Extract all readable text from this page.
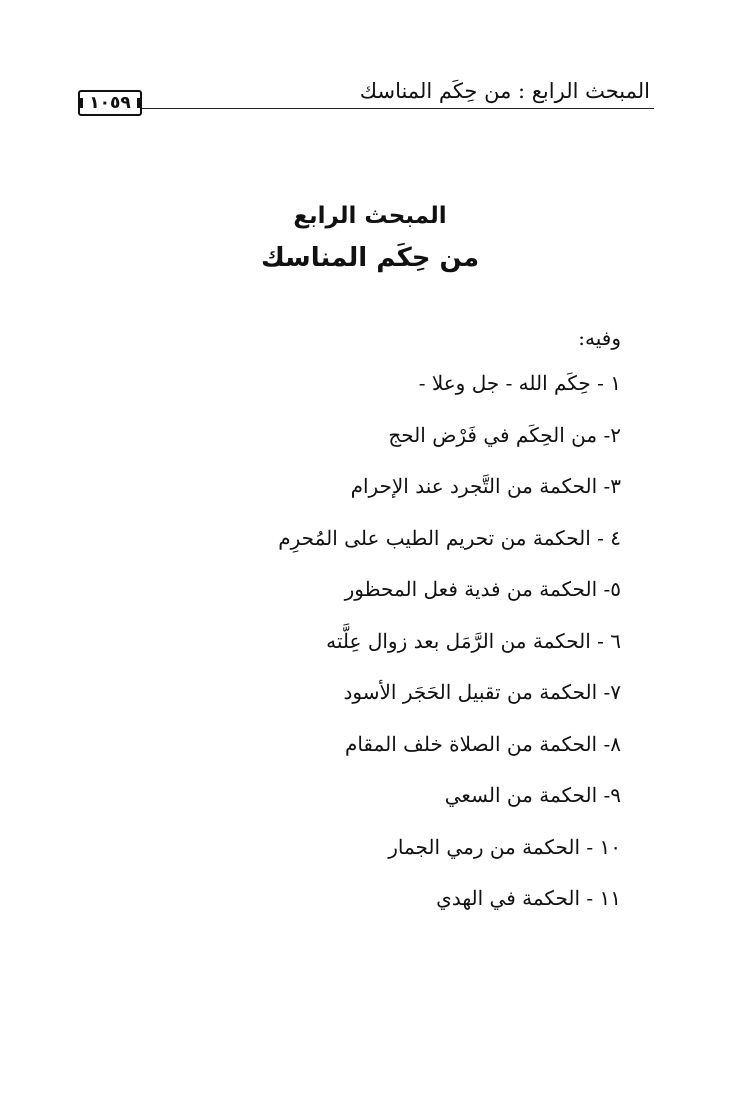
المبحث الرابع : من حِكَم المناسك
١٠٥٩
المبحث الرابع
من حِكَم المناسك
وفيه:
١ - حِكَم الله - جل وعلا -
٢- من الحِكَم في فَرْض الحج
٣- الحكمة من التَّجرد عند الإحرام
٤ - الحكمة من تحريم الطيب على المُحرِم
٥- الحكمة من فدية فعل المحظور
٦ - الحكمة من الرَّمَل بعد زوال عِلَّته
٧- الحكمة من تقبيل الحَجَر الأسود
٨- الحكمة من الصلاة خلف المقام
٩- الحكمة من السعي
١٠ - الحكمة من رمي الجمار
١١ - الحكمة في الهدي
